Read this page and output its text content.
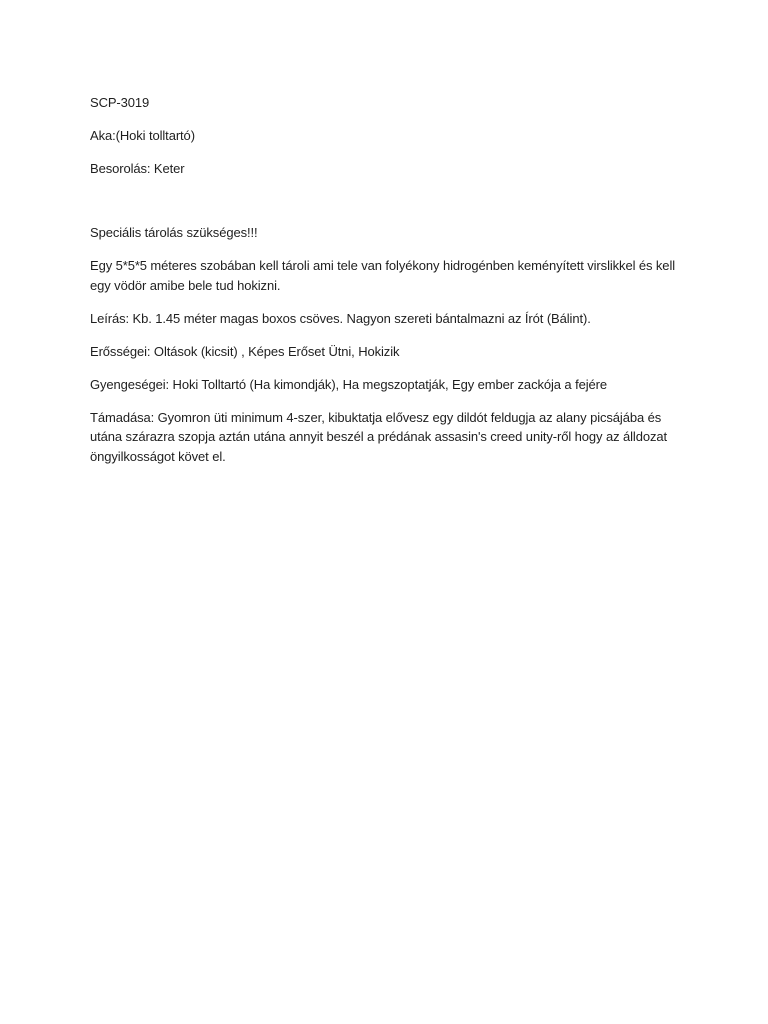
SCP-3019

Aka:(Hoki tolltartó)

Besorolás: Keter

Speciális tárolás szükséges!!!

Egy 5*5*5 méteres szobában kell tároli ami tele van folyékony hidrogénben keményített virslikkel és kell egy vödör amibe bele tud hokizni.

Leírás: Kb. 1.45 méter magas boxos csöves. Nagyon szereti bántalmazni az Írót (Bálint).

Erősségei: Oltások (kicsit) , Képes Erőset Ütni, Hokizik

Gyengeségei: Hoki Tolltartó (Ha kimondják), Ha megszoptatják, Egy ember zackója a fejére

Támadása: Gyomron üti minimum 4-szer, kibuktatja elővesz egy dildót feldugja az alany picsájába és utána szárazra szopja aztán utána annyit beszél a prédának assasin's creed unity-ről hogy az álldozat öngyilkosságot követ el.
